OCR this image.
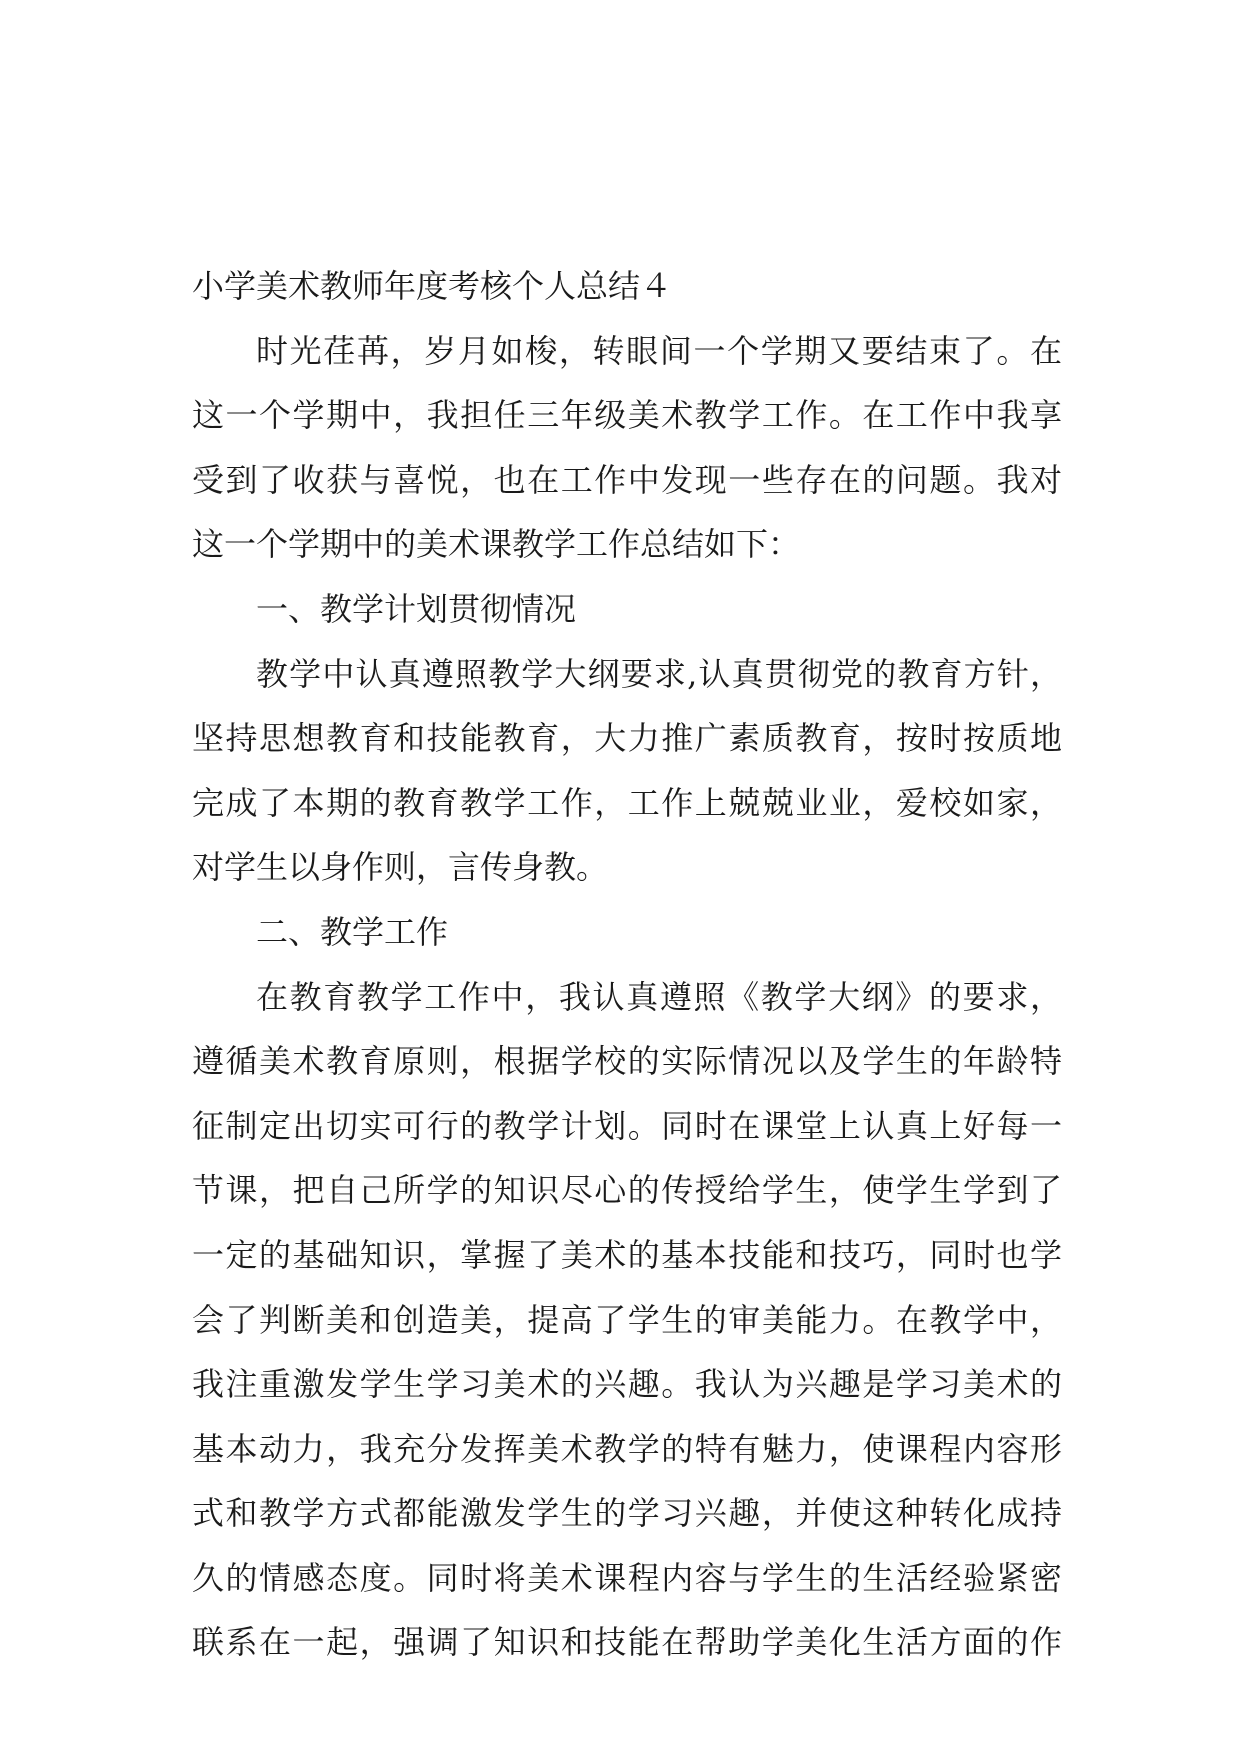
小学美术教师年度考核个人总结４
时光荏苒，岁月如梭，转眼间一个学期又要结束了。在
这一个学期中，我担任三年级美术教学工作。在工作中我享
受到了收获与喜悦，也在工作中发现一些存在的问题。我对
这一个学期中的美术课教学工作总结如下：
一、教学计划贯彻情况
教学中认真遵照教学大纲要求,认真贯彻党的教育方针，
坚持思想教育和技能教育，大力推广素质教育，按时按质地
完成了本期的教育教学工作，工作上兢兢业业，爱校如家，
对学生以身作则，言传身教。
二、教学工作
在教育教学工作中，我认真遵照《教学大纲》的要求，
遵循美术教育原则，根据学校的实际情况以及学生的年龄特
征制定出切实可行的教学计划。同时在课堂上认真上好每一
节课，把自己所学的知识尽心的传授给学生，使学生学到了
一定的基础知识，掌握了美术的基本技能和技巧，同时也学
会了判断美和创造美，提高了学生的审美能力。在教学中，
我注重激发学生学习美术的兴趣。我认为兴趣是学习美术的
基本动力，我充分发挥美术教学的特有魅力，使课程内容形
式和教学方式都能激发学生的学习兴趣，并使这种转化成持
久的情感态度。同时将美术课程内容与学生的生活经验紧密
联系在一起，强调了知识和技能在帮助学美化生活方面的作
